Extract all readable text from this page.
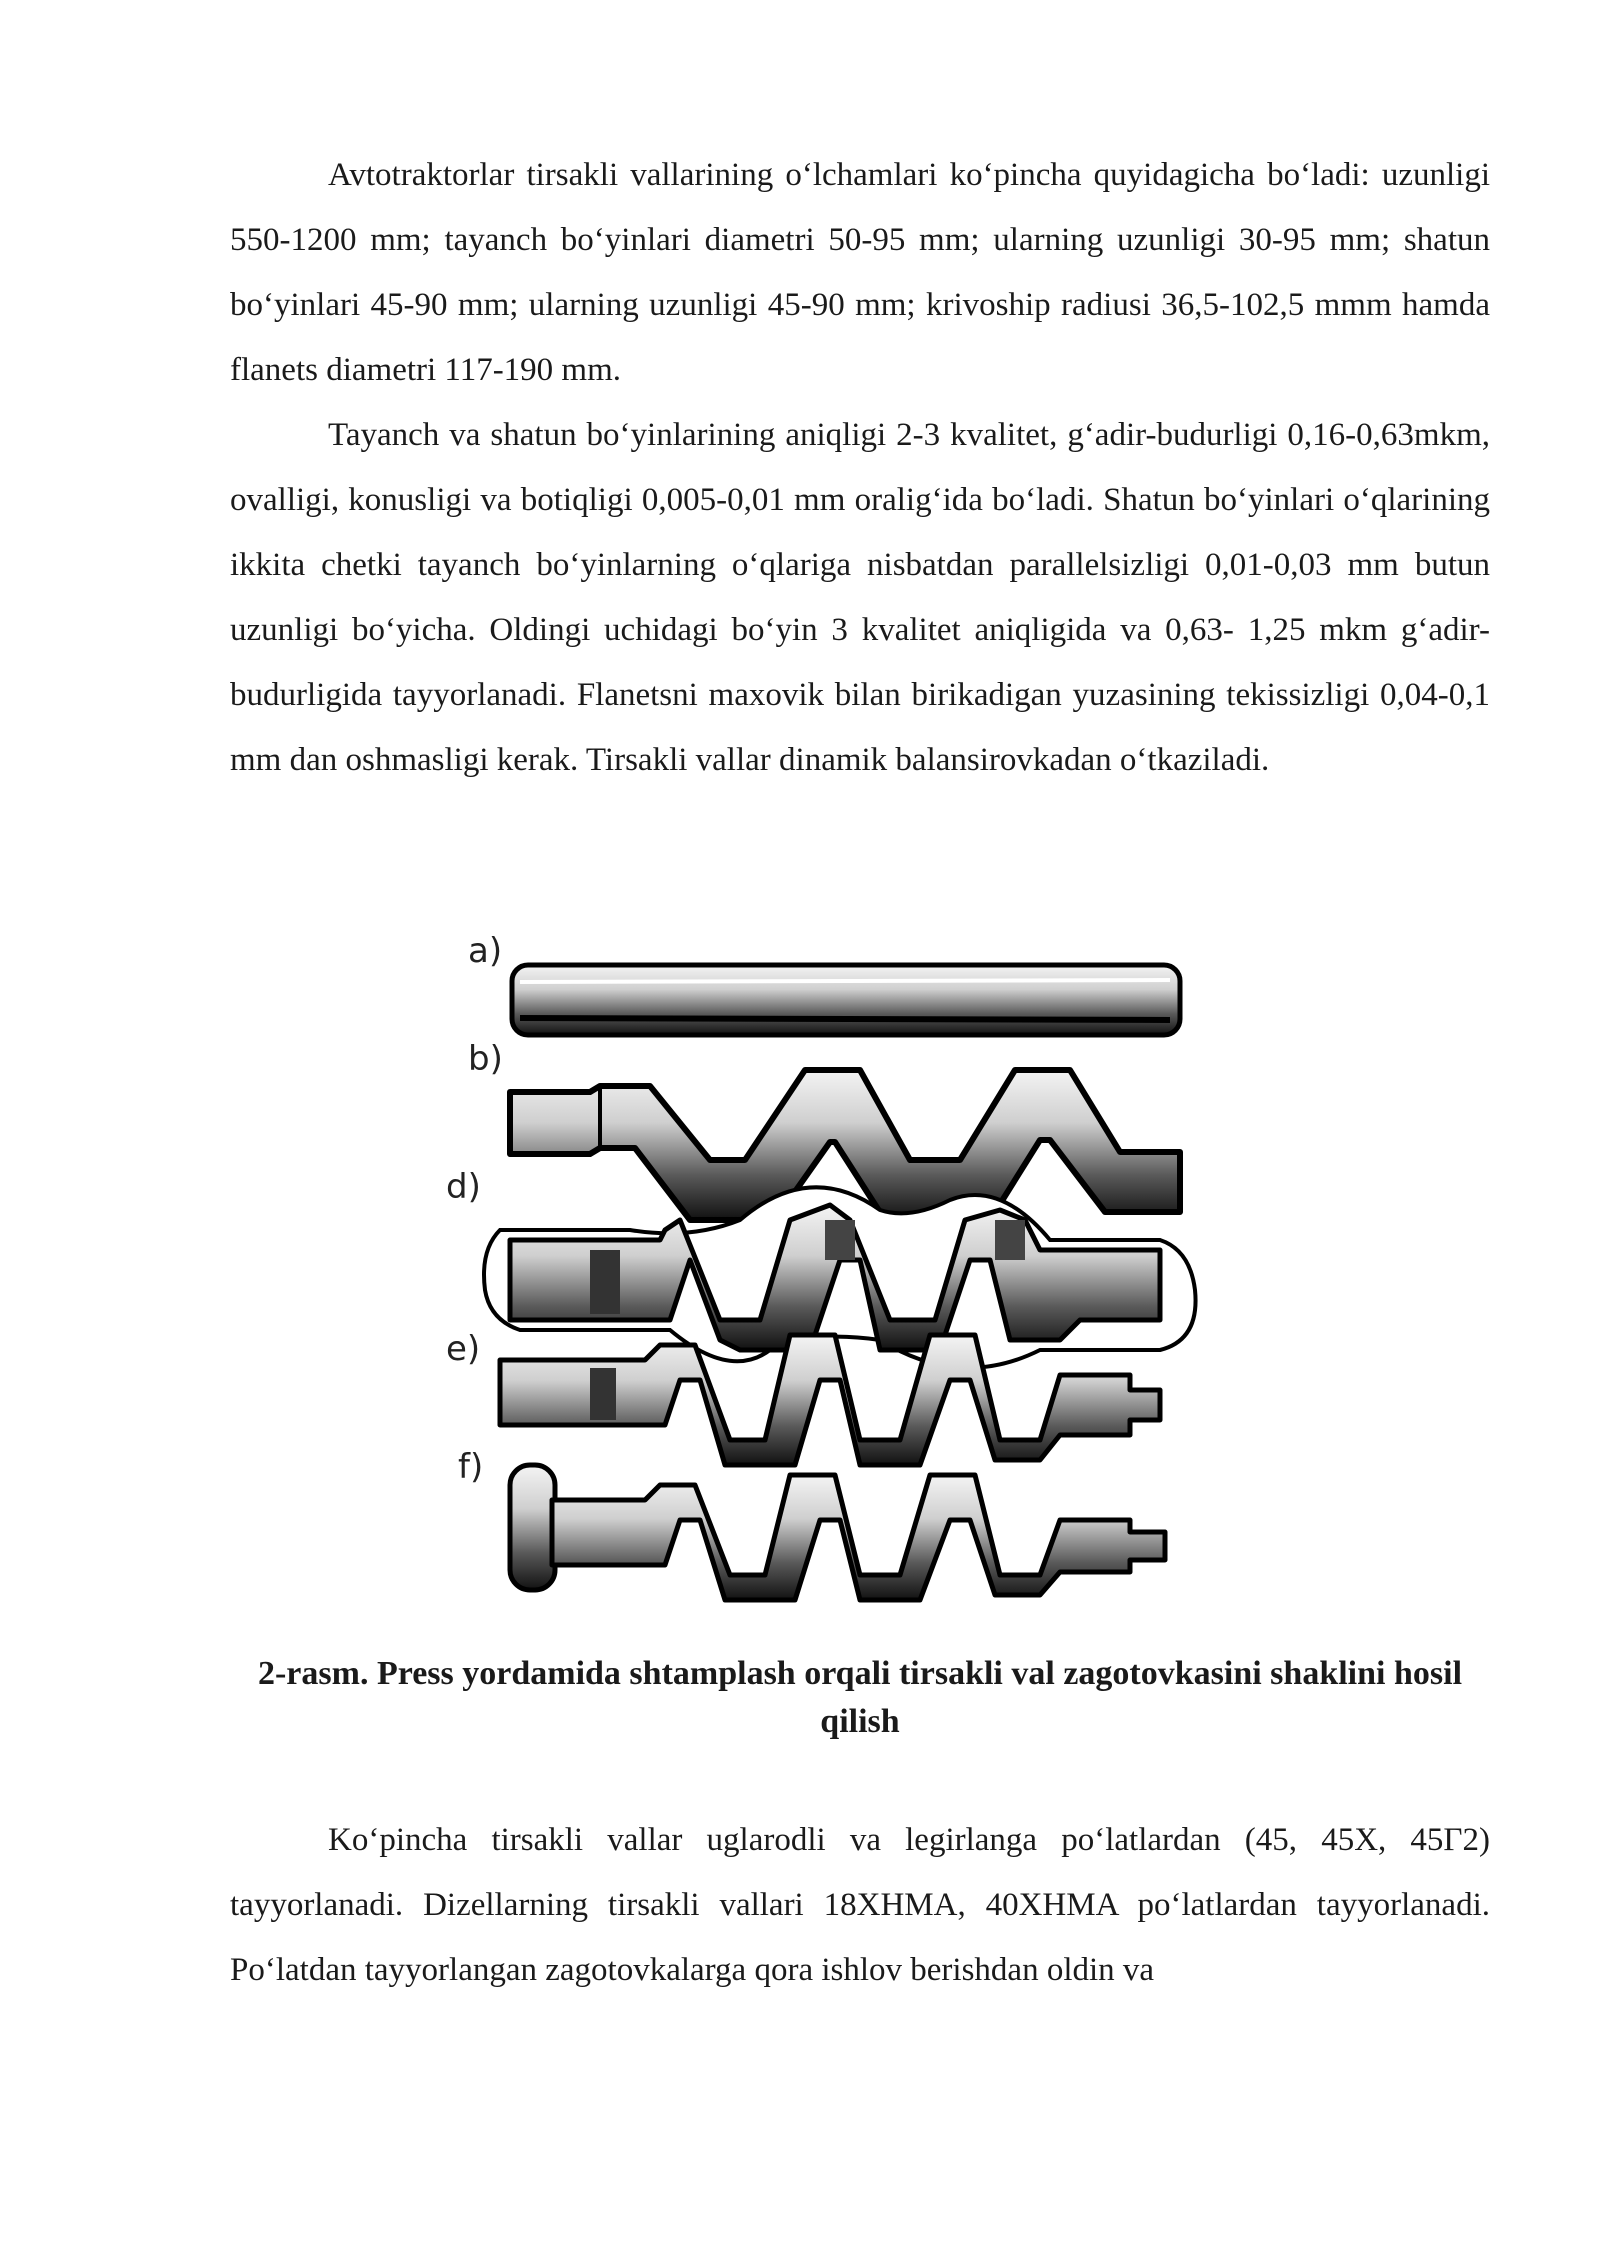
Avtotraktorlar tirsakli vallarining o‘lchamlari ko‘pincha quyidagicha bo‘ladi: uzunligi 550-1200 mm; tayanch bo‘yinlari diametri 50-95 mm; ularning uzunligi 30-95 mm; shatun bo‘yinlari 45-90 mm; ularning uzunligi 45-90 mm; krivoship radiusi 36,5-102,5 mmm hamda flanets diametri 117-190 mm.

Tayanch va shatun bo‘yinlarining aniqligi 2-3 kvalitet, g‘adir-budurligi 0,16-0,63mkm, ovalligi, konusligi va botiqligi 0,005-0,01 mm oralig‘ida bo‘ladi. Shatun bo‘yinlari o‘qlarining ikkita chetki tayanch bo‘yinlarning o‘qlariga nisbatdan parallelsizligi 0,01-0,03 mm butun uzunligi bo‘yicha. Oldingi uchidagi bo‘yin 3 kvalitet aniqligida va 0,63- 1,25 mkm g‘adir-budurligida tayyorlanadi. Flanetsni maxovik bilan birikadigan yuzasining tekissizligi 0,04-0,1 mm dan oshmasligi kerak. Tirsakli vallar dinamik balansirovkadan o‘tkaziladi.

a)
b)
d)
e)
f)

2-rasm. Press yordamida shtamplash orqali tirsakli val zagotovkasini shaklini hosil qilish

Ko‘pincha tirsakli vallar uglarodli va legirlanga po‘latlardan (45, 45X, 45Γ2) tayyorlanadi. Dizellarning tirsakli vallari 18XHMA, 40XHMA po‘latlardan tayyorlanadi. Po‘latdan tayyorlangan zagotovkalarga qora ishlov berishdan oldin va
